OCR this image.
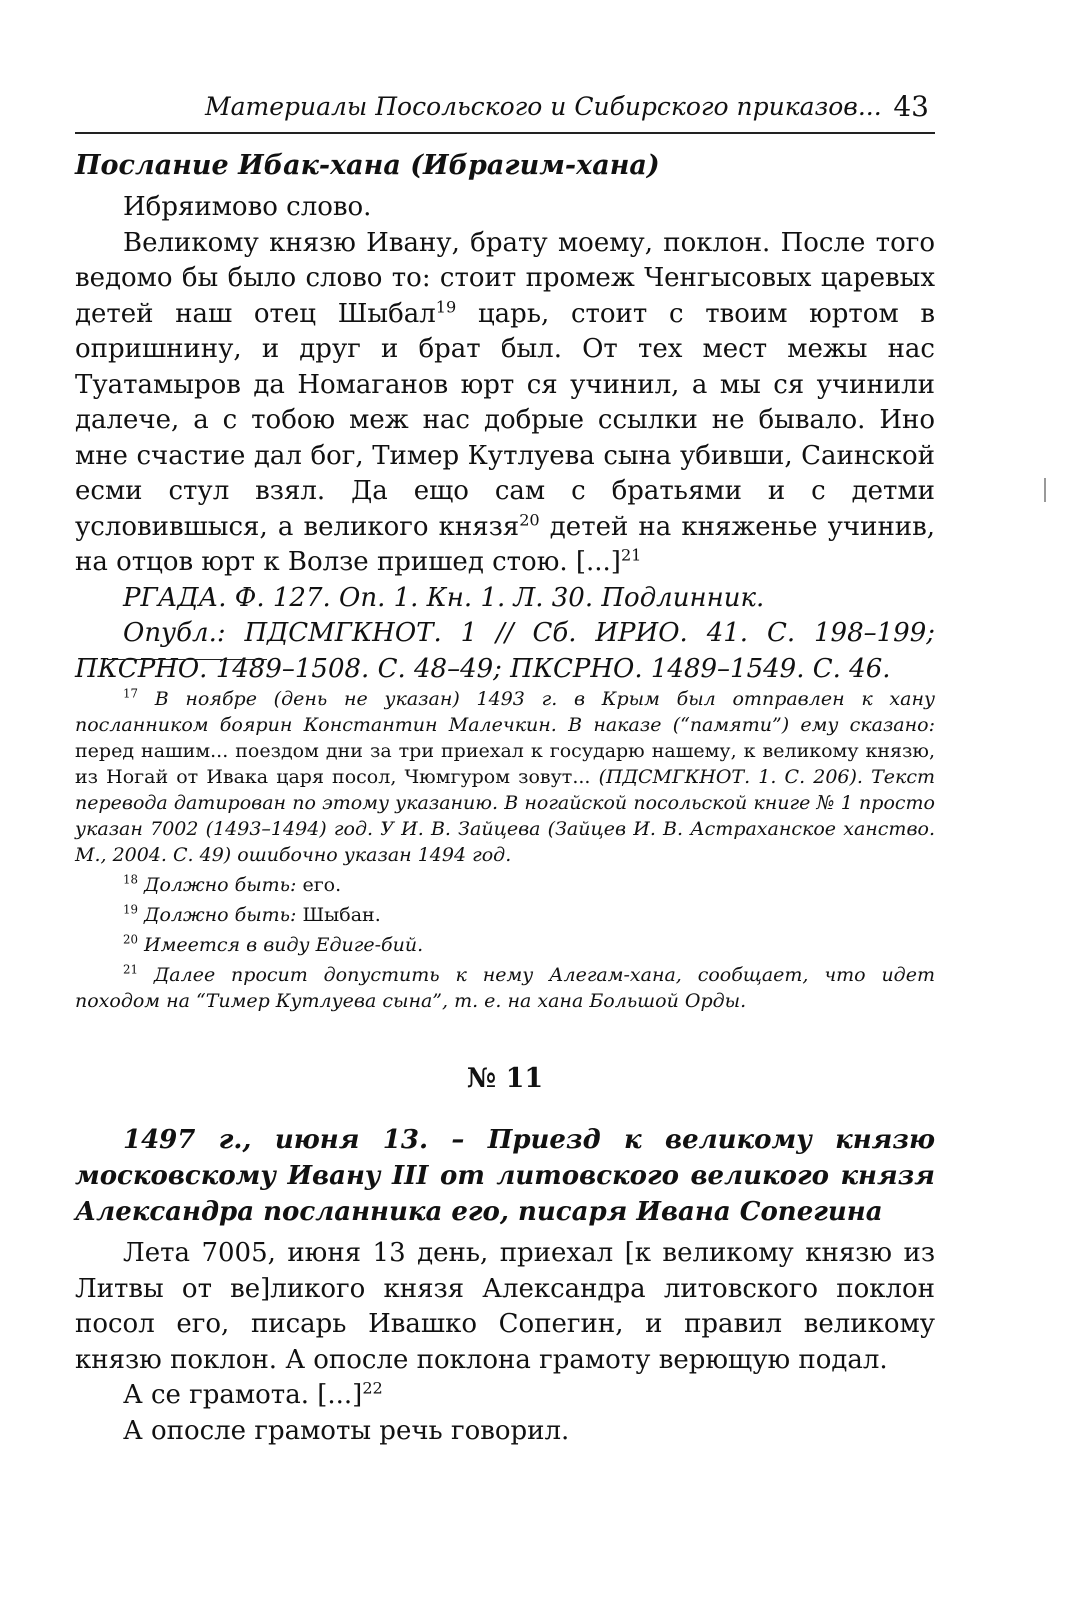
Материалы Посольского и Сибирского приказов... 43
Послание Ибак-хана (Ибрагим-хана)

Ибряимово слово.

Великому князю Ивану, брату моему, поклон. После того ведомо бы было слово то: стоит промеж Ченгысовых царевых детей наш отец Шыбал$^{19}$ царь, стоит с твоим юртом в опришнину, и друг и брат был. От тех мест межы нас Туатамыров да Номаганов юрт ся учинил, а мы ся учинили далече, а с тобою меж нас добрые ссылки не бывало. Ино мне счастие дал бог, Тимер Кутлуева сына убивши, Саинской есми стул взял. Да ещо сам с братьями и с детми условившыся, а великого князя$^{20}$ детей на княженье учинив, на отцов юрт к Волзе пришед стою. [...]$^{21}$

РГАДА. Ф. 127. Оп. 1. Кн. 1. Л. 30. Подлинник.

Опубл.: ПДСМГКНОТ. 1 // Сб. ИРИО. 41. С. 198–199; ПКСРНО. 1489–1508. С. 48–49; ПКСРНО. 1489–1549. С. 46.

$^{17}$ В ноябре (день не указан) 1493 г. в Крым был отправлен к хану посланником боярин Константин Малечкин. В наказе (“памяти”) ему сказано: перед нашим... поездом дни за три приехал к государю нашему, к великому князю, из Ногай от Ивака царя посол, Чюмгуром зовут... (ПДСМГКНОТ. 1. С. 206). Текст перевода датирован по этому указанию. В ногайской посольской книге № 1 просто указан 7002 (1493–1494) год. У И. В. Зайцева (Зайцев И. В. Астраханское ханство. М., 2004. С. 49) ошибочно указан 1494 год.

$^{18}$ Должно быть: его.

$^{19}$ Должно быть: Шыбан.

$^{20}$ Имеется в виду Едиге-бий.

$^{21}$ Далее просит допустить к нему Алегам-хана, сообщает, что идет походом на “Тимер Кутлуева сына”, т. е. на хана Большой Орды.

№ 11
1497 г., июня 13. – Приезд к великому князю московскому Ивану III от литовского великого князя Александра посланника его, писаря Ивана Сопегина

Лета 7005, июня 13 день, приехал [к великому князю из Литвы от ве]ликого князя Александра литовского поклон посол его, писарь Ивашко Сопегин, и правил великому князю поклон. А опосле поклона грамоту верющую подал.

А се грамота. [...]$^{22}$

А опосле грамоты речь говорил.
